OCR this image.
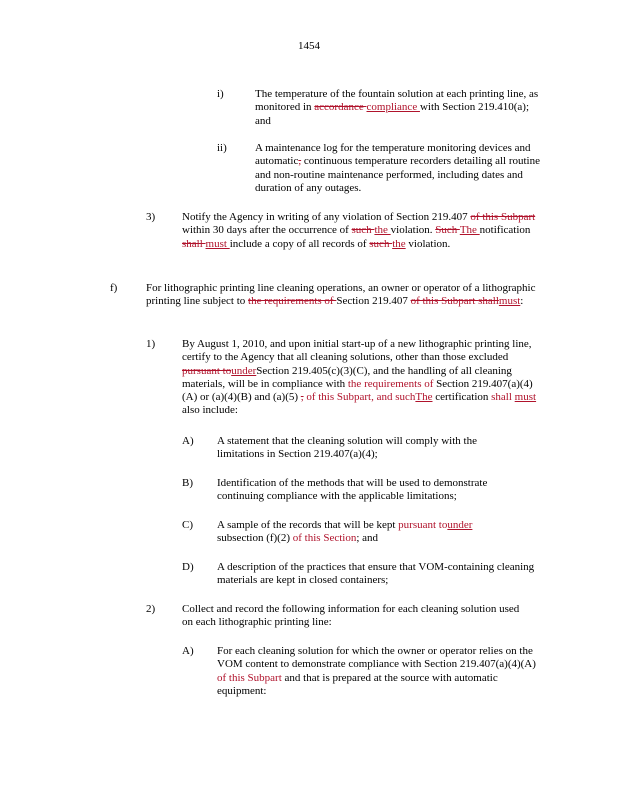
1454
i)	The temperature of the fountain solution at each printing line, as monitored in accordance compliance with Section 219.410(a); and
ii)	A maintenance log for the temperature monitoring devices and automatic, continuous temperature recorders detailing all routine and non-routine maintenance performed, including dates and duration of any outages.
3) Notify the Agency in writing of any violation of Section 219.407 of this Subpart within 30 days after the occurrence of such the violation. Such The notification shall must include a copy of all records of such the violation.
f)	For lithographic printing line cleaning operations, an owner or operator of a lithographic printing line subject to the requirements of Section 219.407 of this Subpart shallmust:
1) By August 1, 2010, and upon initial start-up of a new lithographic printing line, certify to the Agency that all cleaning solutions, other than those excluded pursuant tounderSection 219.405(c)(3)(C), and the handling of all cleaning materials, will be in compliance with the requirements of Section 219.407(a)(4)(A) or (a)(4)(B) and (a)(5) , of this Subpart, and suchThe certification shall must also include:
A) A statement that the cleaning solution will comply with the limitations in Section 219.407(a)(4);
B) Identification of the methods that will be used to demonstrate continuing compliance with the applicable limitations;
C) A sample of the records that will be kept pursuant tounder subsection (f)(2) of this Section; and
D) A description of the practices that ensure that VOM-containing cleaning materials are kept in closed containers;
2) Collect and record the following information for each cleaning solution used on each lithographic printing line:
A) For each cleaning solution for which the owner or operator relies on the VOM content to demonstrate compliance with Section 219.407(a)(4)(A) of this Subpart and that is prepared at the source with automatic equipment:
